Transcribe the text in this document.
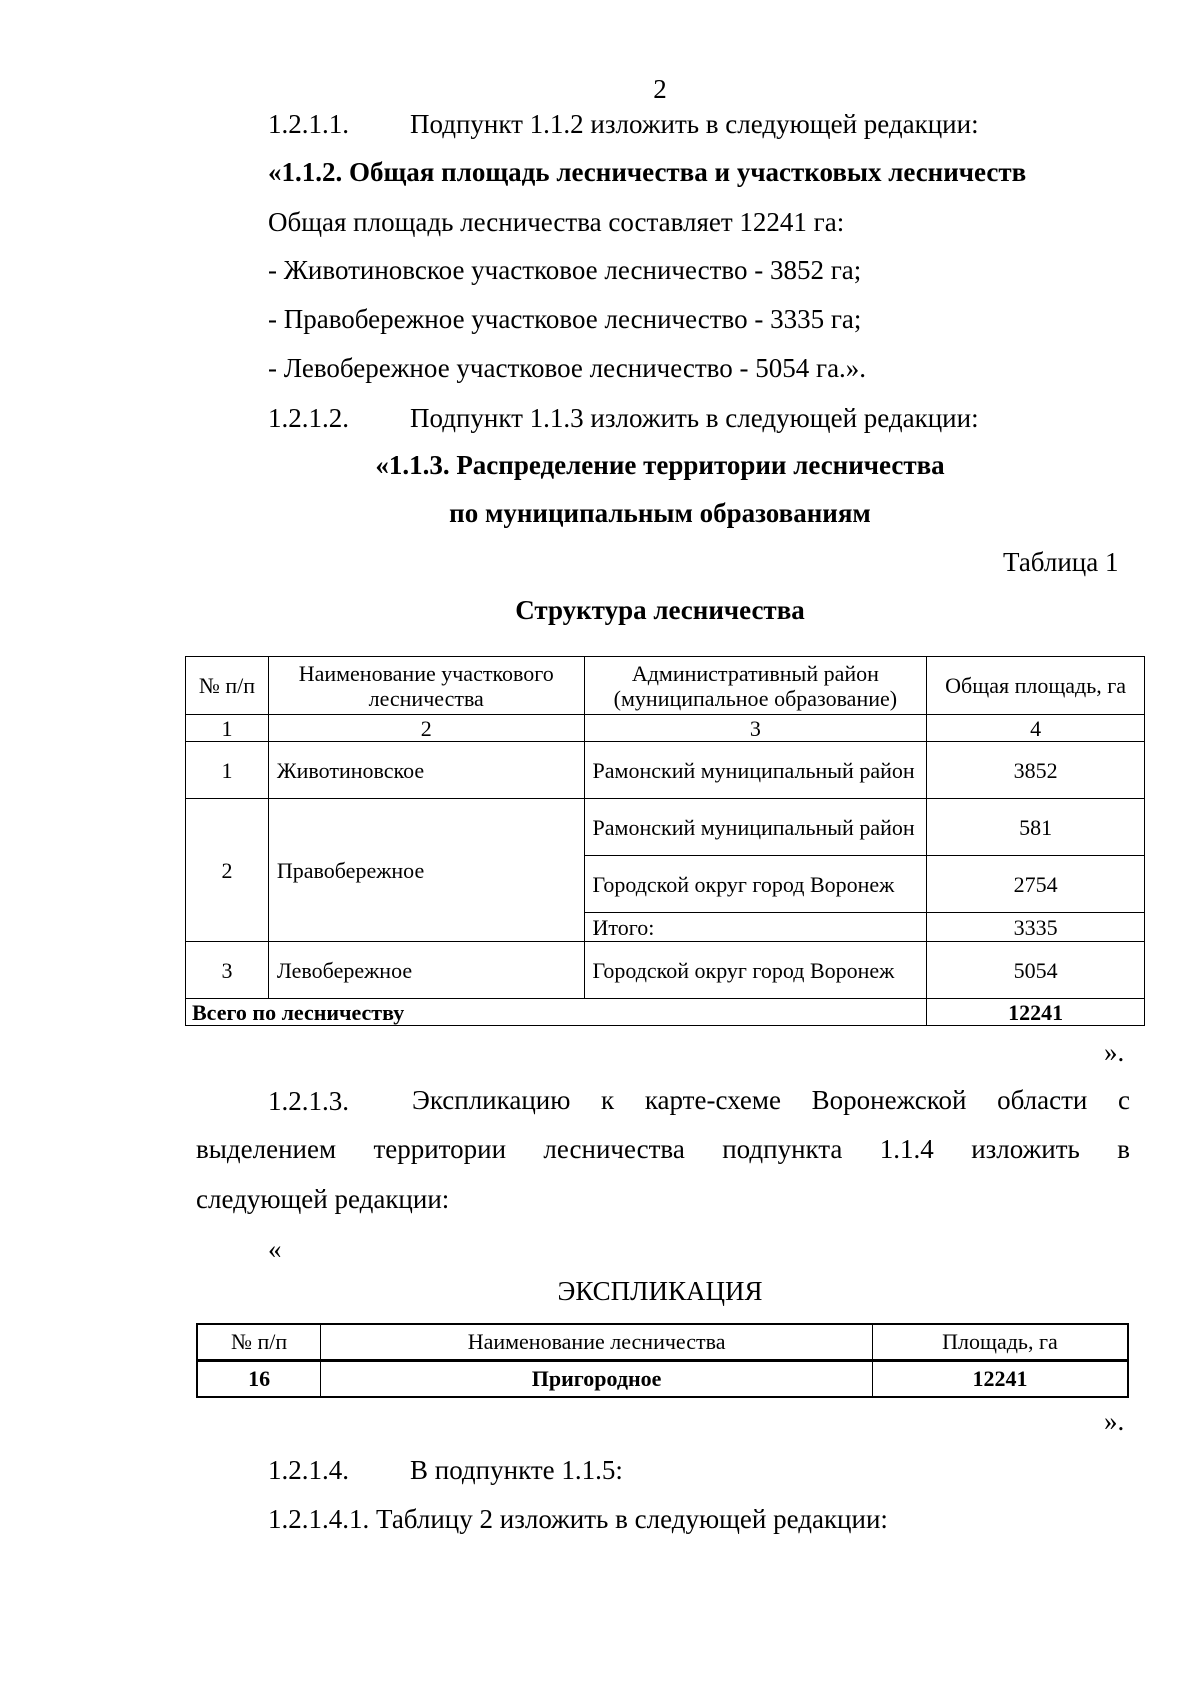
2
1.2.1.1. Подпункт 1.1.2 изложить в следующей редакции:
«1.1.2. Общая площадь лесничества и участковых лесничеств
Общая площадь лесничества составляет 12241 га:
- Животиновское участковое лесничество - 3852 га;
- Правобережное участковое лесничество - 3335 га;
- Левобережное участковое лесничество - 5054 га.».
1.2.1.2. Подпункт 1.1.3 изложить в следующей редакции:
«1.1.3. Распределение территории лесничества
по муниципальным образованиям
Таблица 1
Структура лесничества
№ п/п	Наименование участкового лесничества	Административный район (муниципальное образование)	Общая площадь, га
1	2	3	4
1	Животиновское	Рамонский муниципальный район	3852
2	Правобережное	Рамонский муниципальный район	581
		Городской округ город Воронеж	2754
		Итого:	3335
3	Левобережное	Городской округ город Воронеж	5054
Всего по лесничеству			12241
».
1.2.1.3. Экспликацию к карте-схеме Воронежской области с
выделением территории лесничества подпункта 1.1.4 изложить в
следующей редакции:
«
ЭКСПЛИКАЦИЯ
№ п/п	Наименование лесничества	Площадь, га
16	Пригородное	12241
».
1.2.1.4. В подпункте 1.1.5:
1.2.1.4.1. Таблицу 2 изложить в следующей редакции:
